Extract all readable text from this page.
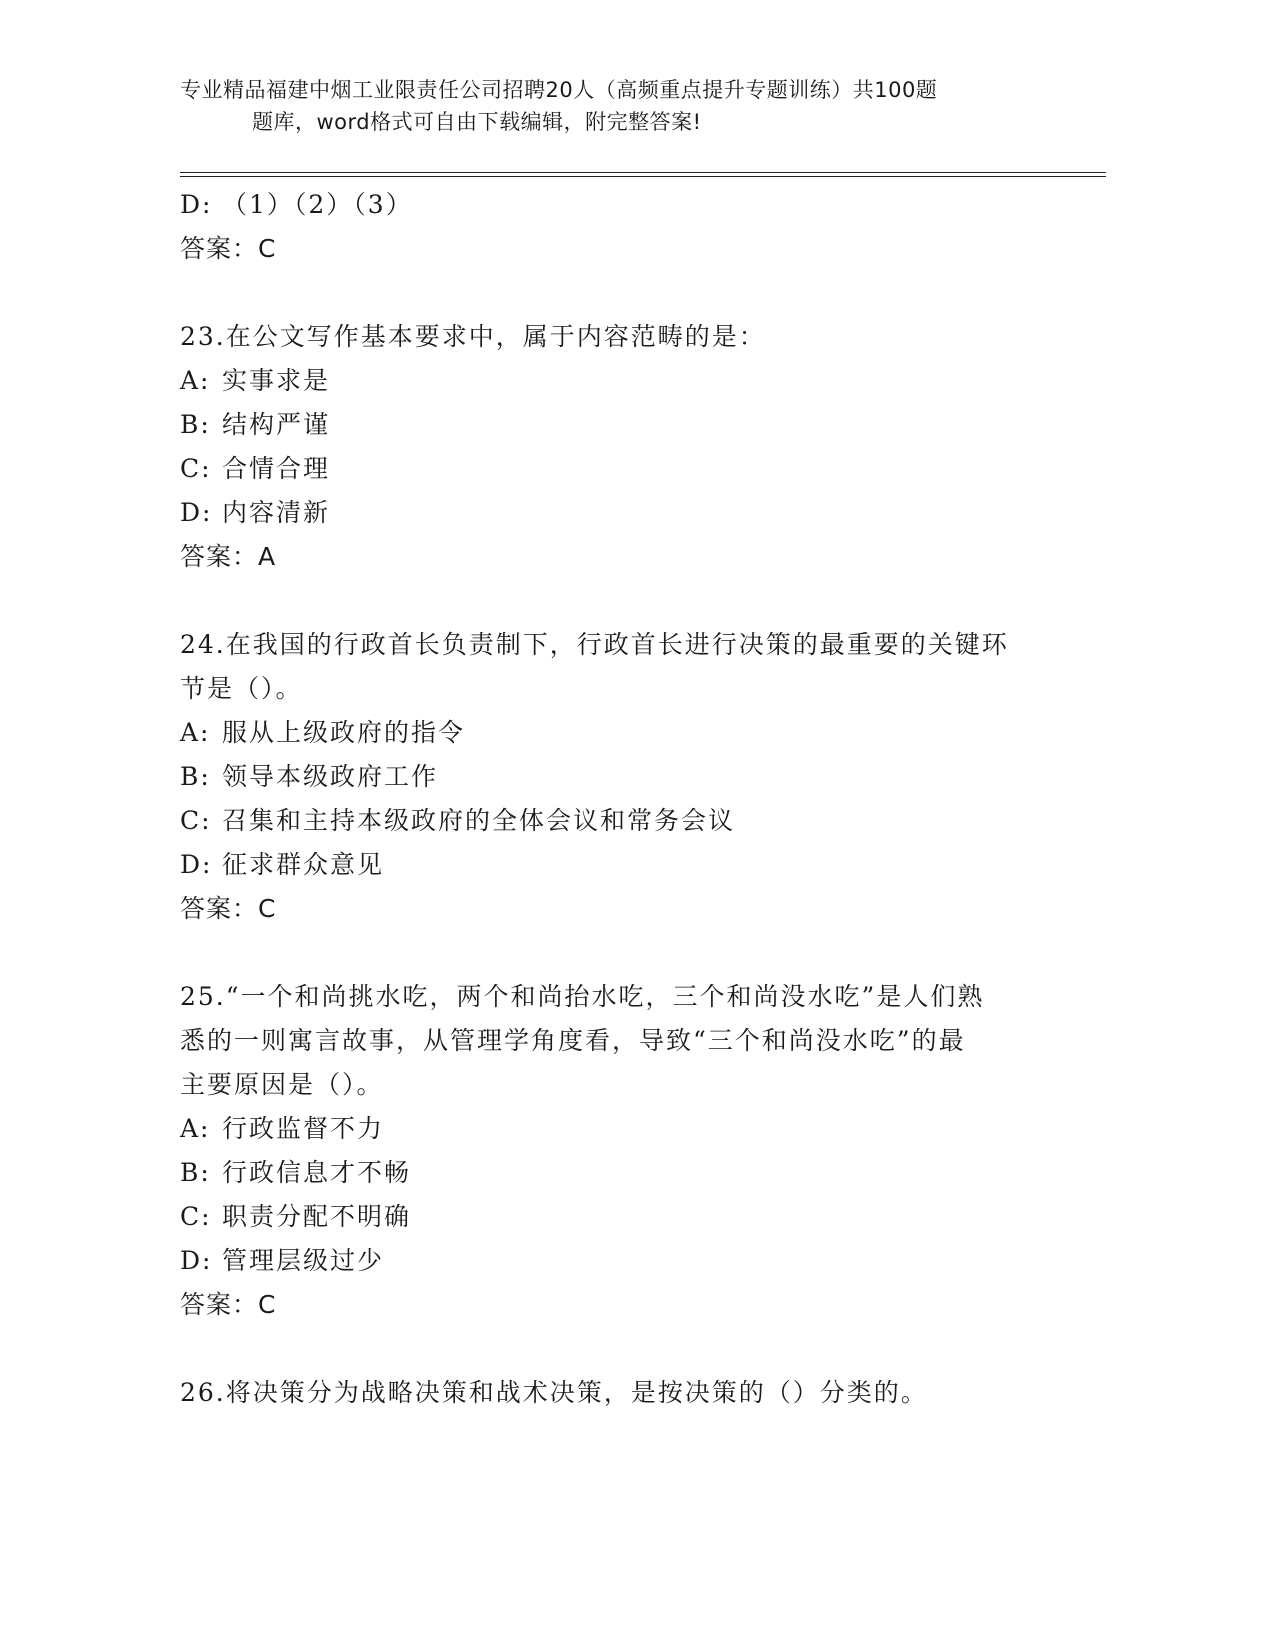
专业精品福建中烟工业限责任公司招聘20人（高频重点提升专题训练）共100题
题库，word格式可自由下载编辑，附完整答案!
D: （1）（2）（3）
答案：C
23.在公文写作基本要求中，属于内容范畴的是：
A: 实事求是
B: 结构严谨
C: 合情合理
D: 内容清新
答案：A
24.在我国的行政首长负责制下，行政首长进行决策的最重要的关键环
节是（）。
A: 服从上级政府的指令
B: 领导本级政府工作
C: 召集和主持本级政府的全体会议和常务会议
D: 征求群众意见
答案：C
25.“一个和尚挑水吃，两个和尚抬水吃，三个和尚没水吃”是人们熟
悉的一则寓言故事，从管理学角度看，导致“三个和尚没水吃”的最
主要原因是（）。
A: 行政监督不力
B: 行政信息才不畅
C: 职责分配不明确
D: 管理层级过少
答案：C
26.将决策分为战略决策和战术决策，是按决策的（）分类的。
